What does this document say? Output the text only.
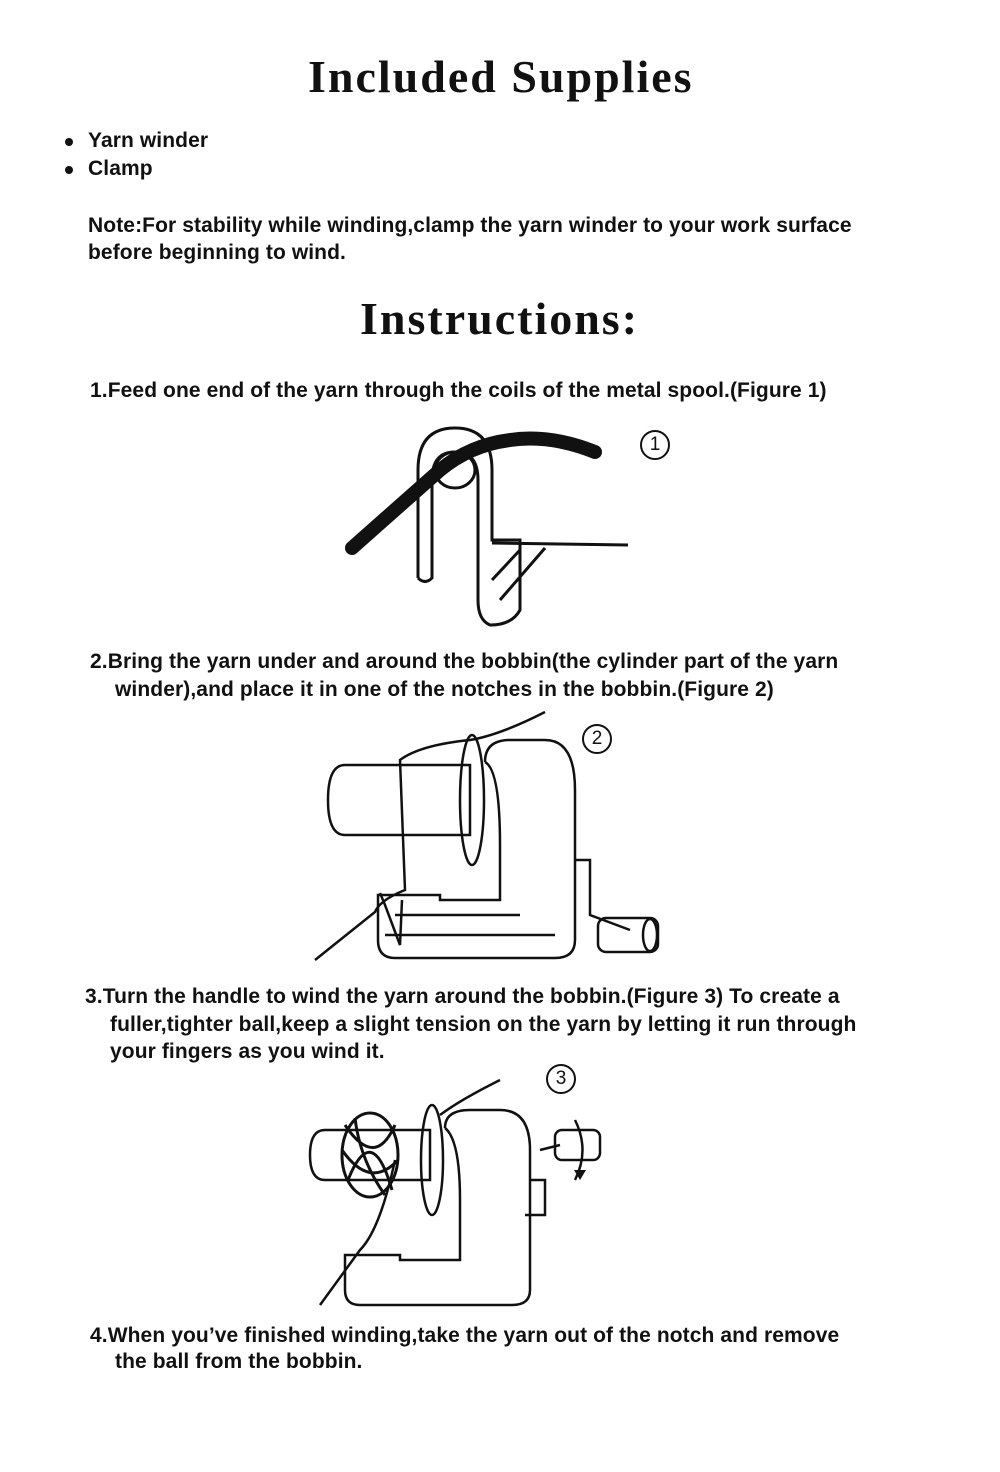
Included Supplies
Yarn winder
Clamp
Note:For stability while winding,clamp the yarn winder to your work surface
before beginning to wind.
Instructions:
1.Feed one end of the yarn through the coils of the metal spool.(Figure 1)
1
2.Bring the yarn under and around the bobbin(the cylinder part of the yarn
winder),and place it in one of the notches in the bobbin.(Figure 2)
2
3.Turn the handle to wind the yarn around the bobbin.(Figure 3) To create a
fuller,tighter ball,keep a slight tension on the yarn by letting it run through
your fingers as you wind it.
3
4.When you’ve finished winding,take the yarn out of the notch and remove
the ball from the bobbin.
